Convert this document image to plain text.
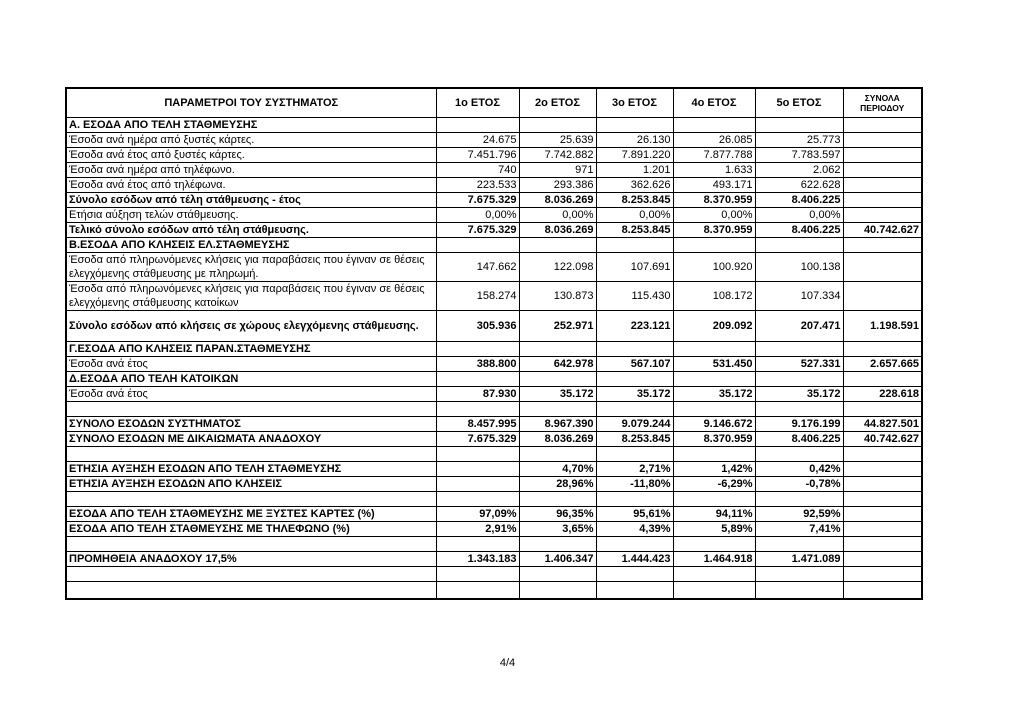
ΠΑΡΑΜΕΤΡΟΙ ΤΟΥ ΣΥΣΤΗΜΑΤΟΣ	1ο ΕΤΟΣ	2ο ΕΤΟΣ	3ο ΕΤΟΣ	4ο ΕΤΟΣ	5ο ΕΤΟΣ	ΣΥΝΟΛΑ
ΠΕΡΙΟΔΟΥ

Α. ΕΣΟΔΑ ΑΠΟ ΤΕΛΗ ΣΤΑΘΜΕΥΣΗΣ						
Έσοδα ανά ημέρα από ξυστές κάρτες.	24.675	25.639	26.130	26.085	25.773	
Έσοδα ανά έτος από ξυστές κάρτες.	7.451.796	7.742.882	7.891.220	7.877.788	7.783.597	
Έσοδα ανά ημέρα από τηλέφωνο.	740	971	1.201	1.633	2.062	
Έσοδα ανά έτος από τηλέφωνα.	223.533	293.386	362.626	493.171	622.628	
Σύνολο εσόδων από τέλη στάθμευσης - έτος	7.675.329	8.036.269	8.253.845	8.370.959	8.406.225	
Ετήσια αύξηση τελών στάθμευσης.	0,00%	0,00%	0,00%	0,00%	0,00%	
Τελικό σύνολο εσόδων από τέλη στάθμευσης.	7.675.329	8.036.269	8.253.845	8.370.959	8.406.225	40.742.627
Β.ΕΣΟΔΑ ΑΠΟ ΚΛΗΣΕΙΣ ΕΛ.ΣΤΑΘΜΕΥΣΗΣ						
Έσοδα από πληρωνόμενες κλήσεις για παραβάσεις που έγιναν σε θέσεις ελεγχόμενης στάθμευσης με πληρωμή.	147.662	122.098	107.691	100.920	100.138	
Έσοδα από πληρωνόμενες κλήσεις για παραβάσεις που έγιναν σε θέσεις ελεγχόμενης στάθμευσης κατοίκων	158.274	130.873	115.430	108.172	107.334	
Σύνολο εσόδων από κλήσεις σε χώρους ελεγχόμενης στάθμευσης.	305.936	252.971	223.121	209.092	207.471	1.198.591
Γ.ΕΣΟΔΑ ΑΠΟ ΚΛΗΣΕΙΣ ΠΑΡΑΝ.ΣΤΑΘΜΕΥΣΗΣ						
Έσοδα ανά έτος	388.800	642.978	567.107	531.450	527.331	2.657.665
Δ.ΕΣΟΔΑ ΑΠΟ ΤΕΛΗ ΚΑΤΟΙΚΩΝ						
Έσοδα ανά έτος	87.930	35.172	35.172	35.172	35.172	228.618

ΣΥΝΟΛΟ ΕΣΟΔΩΝ ΣΥΣΤΗΜΑΤΟΣ	8.457.995	8.967.390	9.079.244	9.146.672	9.176.199	44.827.501
ΣΥΝΟΛΟ ΕΣΟΔΩΝ ΜΕ ΔΙΚΑΙΩΜΑΤΑ ΑΝΑΔΟΧΟΥ	7.675.329	8.036.269	8.253.845	8.370.959	8.406.225	40.742.627

ΕΤΗΣΙΑ ΑΥΞΗΣΗ ΕΣΟΔΩΝ ΑΠΟ ΤΕΛΗ ΣΤΑΘΜΕΥΣΗΣ		4,70%	2,71%	1,42%	0,42%	
ΕΤΗΣΙΑ ΑΥΞΗΣΗ ΕΣΟΔΩΝ ΑΠΟ ΚΛΗΣΕΙΣ		28,96%	-11,80%	-6,29%	-0,78%	

ΕΣΟΔΑ ΑΠΟ ΤΕΛΗ ΣΤΑΘΜΕΥΣΗΣ ΜΕ ΞΥΣΤΕΣ ΚΑΡΤΕΣ (%)	97,09%	96,35%	95,61%	94,11%	92,59%	
ΕΣΟΔΑ ΑΠΟ ΤΕΛΗ ΣΤΑΘΜΕΥΣΗΣ ΜΕ ΤΗΛΕΦΩΝΟ (%)	2,91%	3,65%	4,39%	5,89%	7,41%	

ΠΡΟΜΗΘΕΙΑ ΑΝΑΔΟΧΟΥ 17,5%	1.343.183	1.406.347	1.444.423	1.464.918	1.471.089	

4/4
